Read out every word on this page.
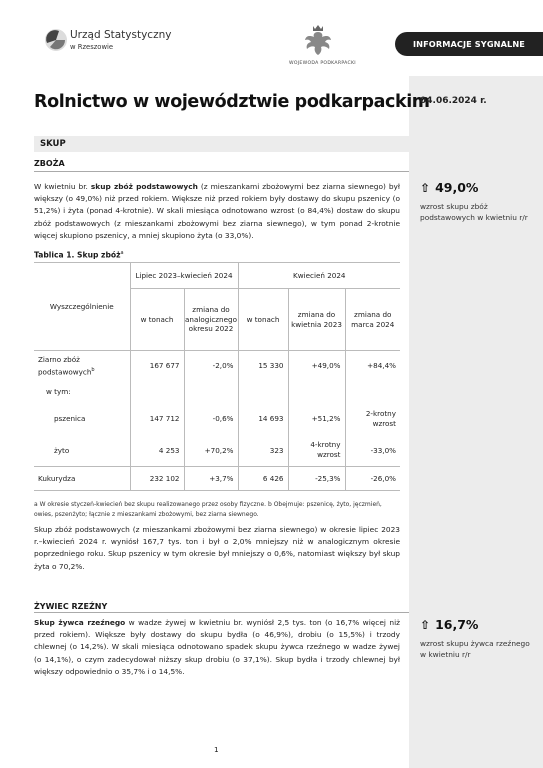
INFORMACJE SYGNALNE
Urząd Statystyczny
w Rzeszowie
WOJEWODA PODKARPACKI
Rolnictwo w województwie podkarpackim
04.06.2024 r.
SKUP
ZBOŻA
W kwietniu br. skup zbóż podstawowych (z mieszankami zbożowymi bez ziarna siewnego) był większy (o 49,0%) niż przed rokiem. Większe niż przed rokiem były dostawy do skupu pszenicy (o 51,2%) i żyta (ponad 4-krotnie). W skali miesiąca odnotowano wzrost (o 84,4%) dostaw do skupu zbóż podstawowych (z mieszankami zbożowymi bez ziarna siewnego), w tym ponad 2-krotnie więcej skupiono pszenicy, a mniej skupiono żyta (o 33,0%).
⇧ 49,0%
wzrost skupu zbóż podstawowych w kwietniu r/r
Tablica 1. Skup zbóż$^a$
Wyszczególnienie	Lipiec 2023–kwiecień 2024		Kwiecień 2024		
	w tonach	zmiana do analogicznego okresu 2022	w tonach	zmiana do kwietnia 2023	zmiana do marca 2024
Ziarno zbóż podstawowych$^b$	167 677	-2,0%	15 330	+49,0%	+84,4%
w tym:					
pszenica	147 712	-0,6%	14 693	+51,2%	2-krotny wzrost
żyto	4 253	+70,2%	323	4-krotny wzrost	-33,0%
Kukurydza	232 102	+3,7%	6 426	-25,3%	-26,0%
a W okresie styczeń-kwiecień bez skupu realizowanego przez osoby fizyczne. b Obejmuje: pszenicę, żyto, jęczmień, owies, pszenżyto; łącznie z mieszankami zbożowymi, bez ziarna siewnego.
Skup zbóż podstawowych (z mieszankami zbożowymi bez ziarna siewnego) w okresie lipiec 2023 r.–kwiecień 2024 r. wyniósł 167,7 tys. ton i był o 2,0% mniejszy niż w analogicznym okresie poprzedniego roku. Skup pszenicy w tym okresie był mniejszy o 0,6%, natomiast większy był skup żyta o 70,2%.
ŻYWIEC RZEŹNY
Skup żywca rzeźnego w wadze żywej w kwietniu br. wyniósł 2,5 tys. ton (o 16,7% więcej niż przed rokiem). Większe były dostawy do skupu bydła (o 46,9%), drobiu (o 15,5%) i trzody chlewnej (o 14,2%). W skali miesiąca odnotowano spadek skupu żywca rzeźnego w wadze żywej (o 14,1%), o czym zadecydował niższy skup drobiu (o 37,1%). Skup bydła i trzody chlewnej był większy odpowiednio o 35,7% i o 14,5%.
⇧ 16,7%
wzrost skupu żywca rzeźnego w kwietniu r/r
1
